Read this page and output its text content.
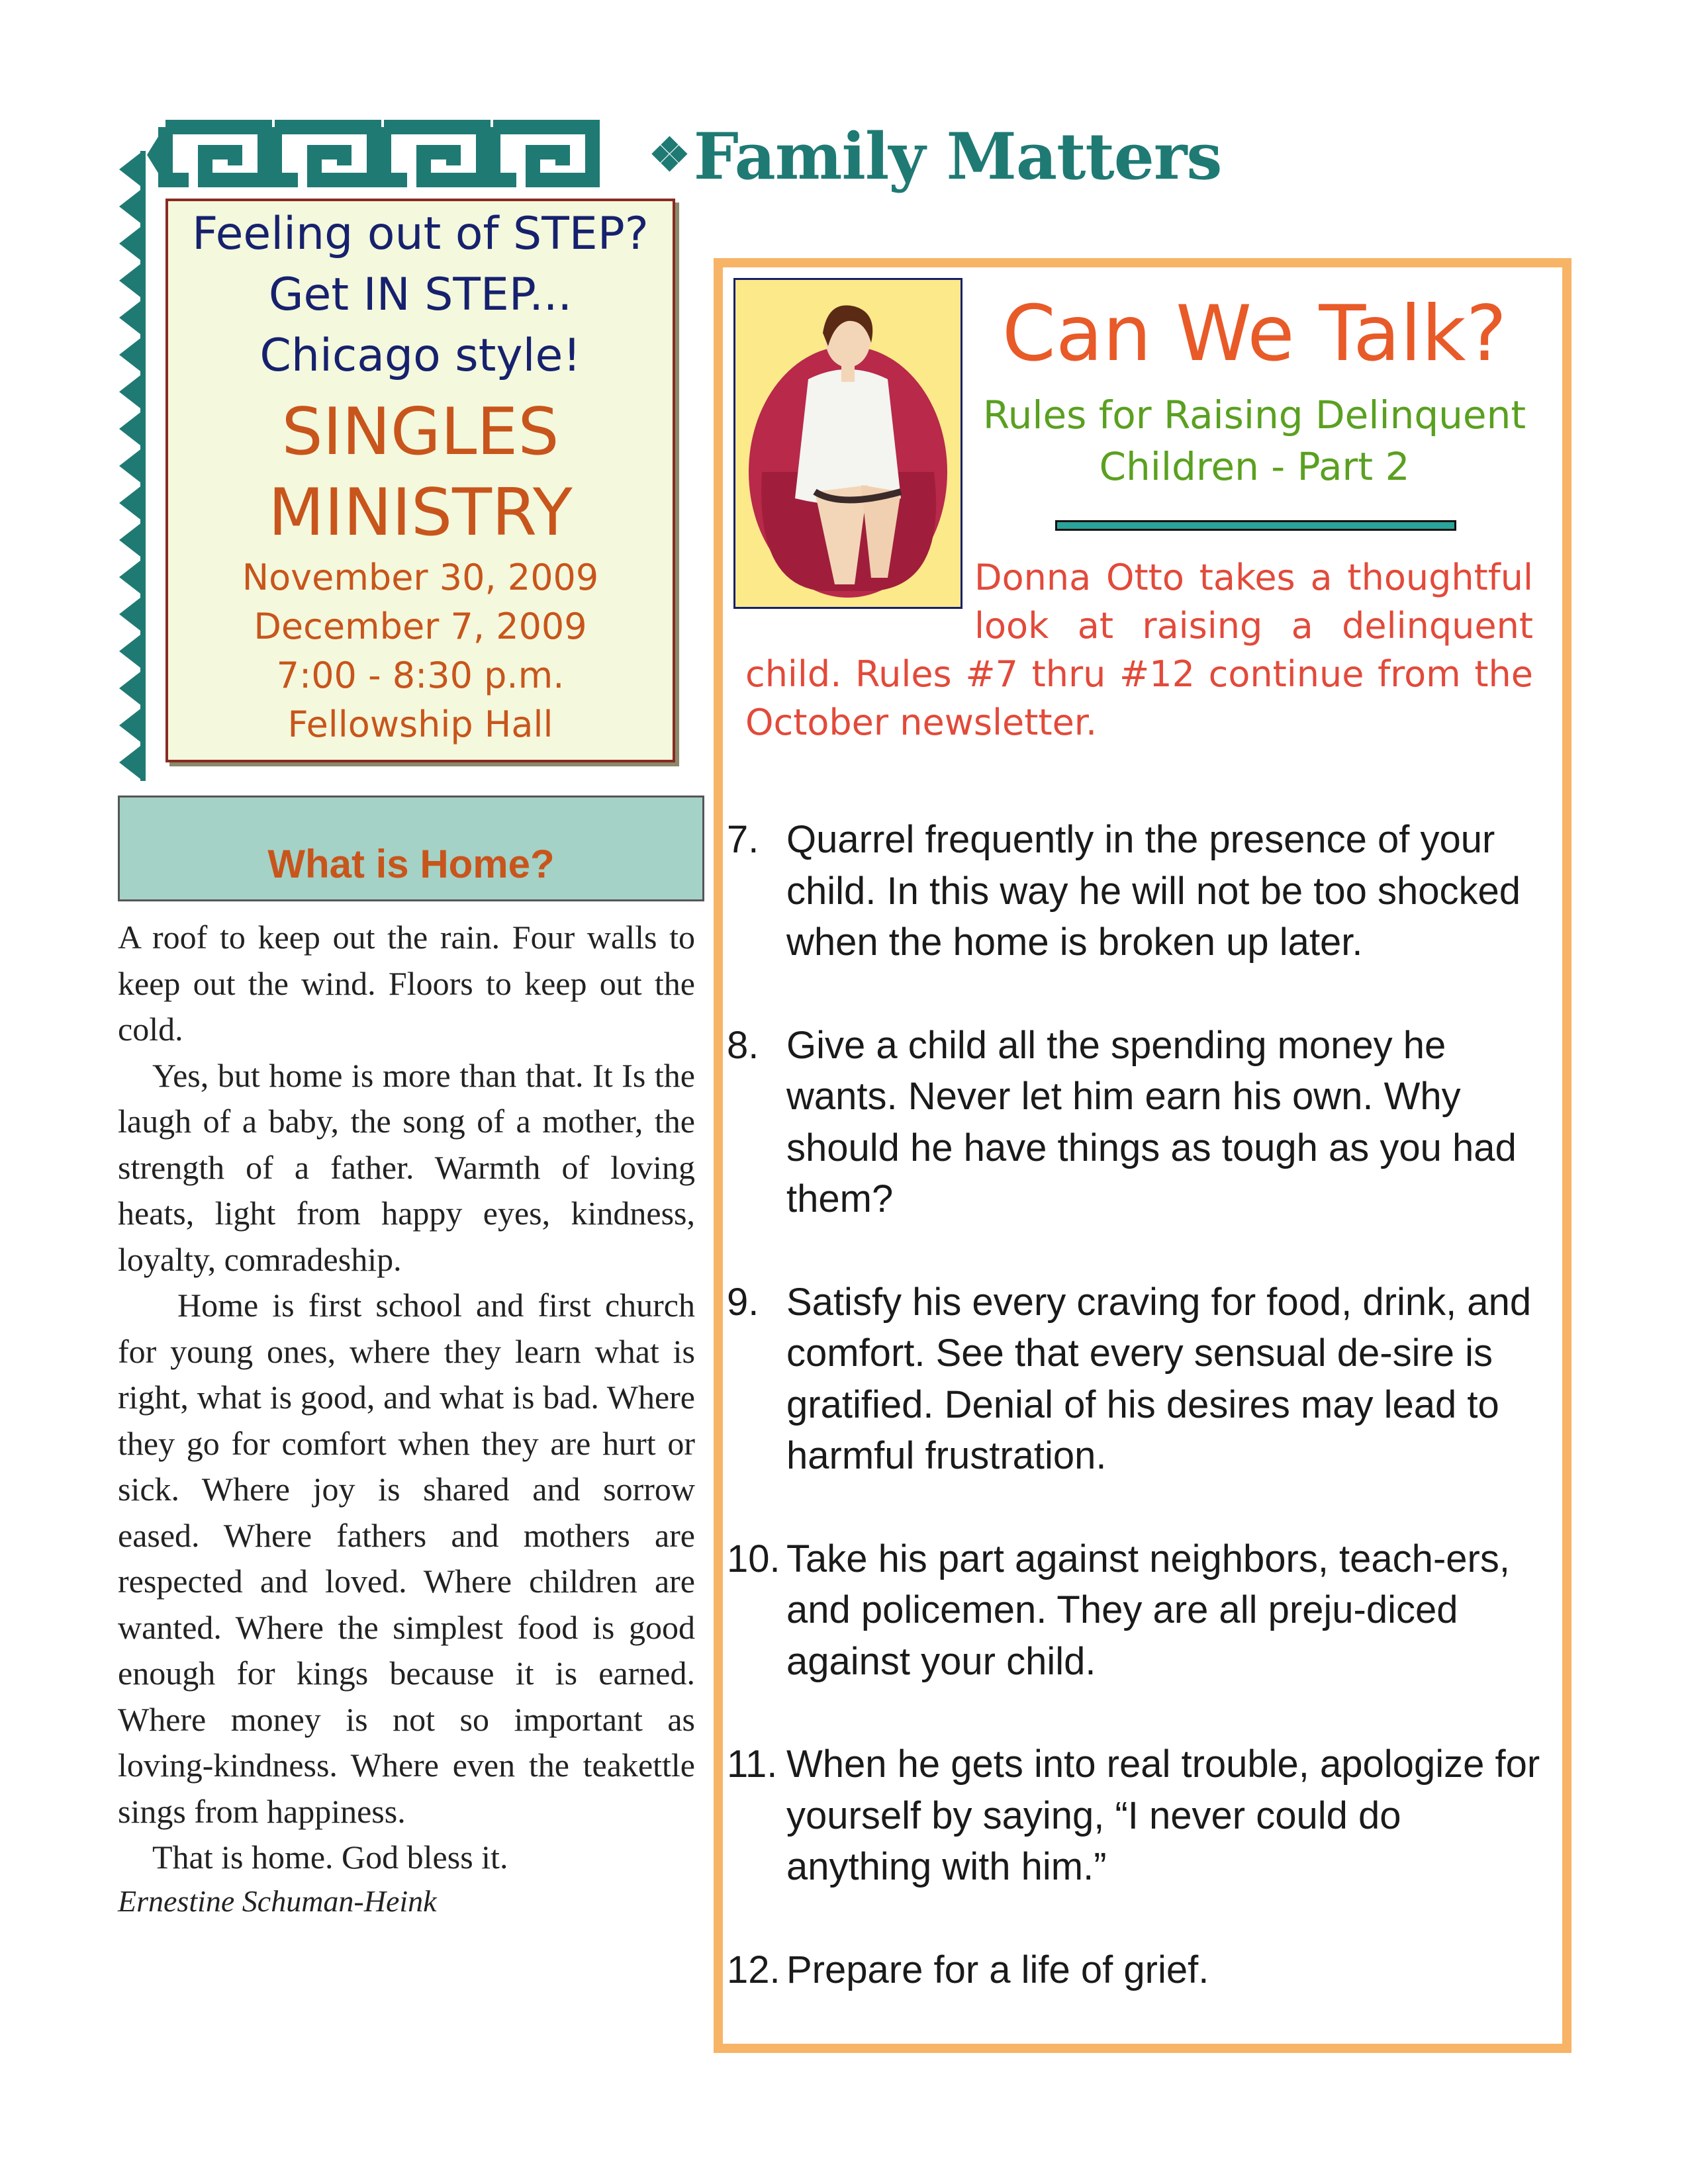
❖Family Matters
Feeling out of STEP?
Get IN STEP...
Chicago style!
SINGLES
MINISTRY
November 30, 2009
December 7, 2009
7:00 - 8:30 p.m.
Fellowship Hall
What is Home?

A roof to keep out the rain. Four walls to keep out the wind. Floors to keep out the cold.

Yes, but home is more than that. It Is the laugh of a baby, the song of a mother, the strength of a father. Warmth of loving heats, light from happy eyes, kindness, loyalty, comradeship.

Home is first school and first church for young ones, where they learn what is right, what is good, and what is bad. Where they go for comfort when they are hurt or sick. Where joy is shared and sorrow eased. Where fathers and mothers are respected and loved. Where children are wanted. Where the simplest food is good enough for kings because it is earned. Where money is not so important as loving-kindness. Where even the teakettle sings from happiness.

That is home. God bless it.

Ernestine Schuman-Heink

Can We Talk?
Rules for Raising Delinquent Children - Part 2
Donna Otto takes a thoughtful look at raising a delinquent child. Rules #7 thru #12 continue from the October newsletter.
7. Quarrel frequently in the presence of your child. In this way he will not be too shocked when the home is broken up later.
8. Give a child all the spending money he wants. Never let him earn his own. Why should he have things as tough as you had them?
9. Satisfy his every craving for food, drink, and comfort. See that every sensual de-sire is gratified. Denial of his desires may lead to harmful frustration.
10. Take his part against neighbors, teach-ers, and policemen. They are all preju-diced against your child.
11. When he gets into real trouble, apologize for yourself by saying, “I never could do anything with him.”
12. Prepare for a life of grief.
